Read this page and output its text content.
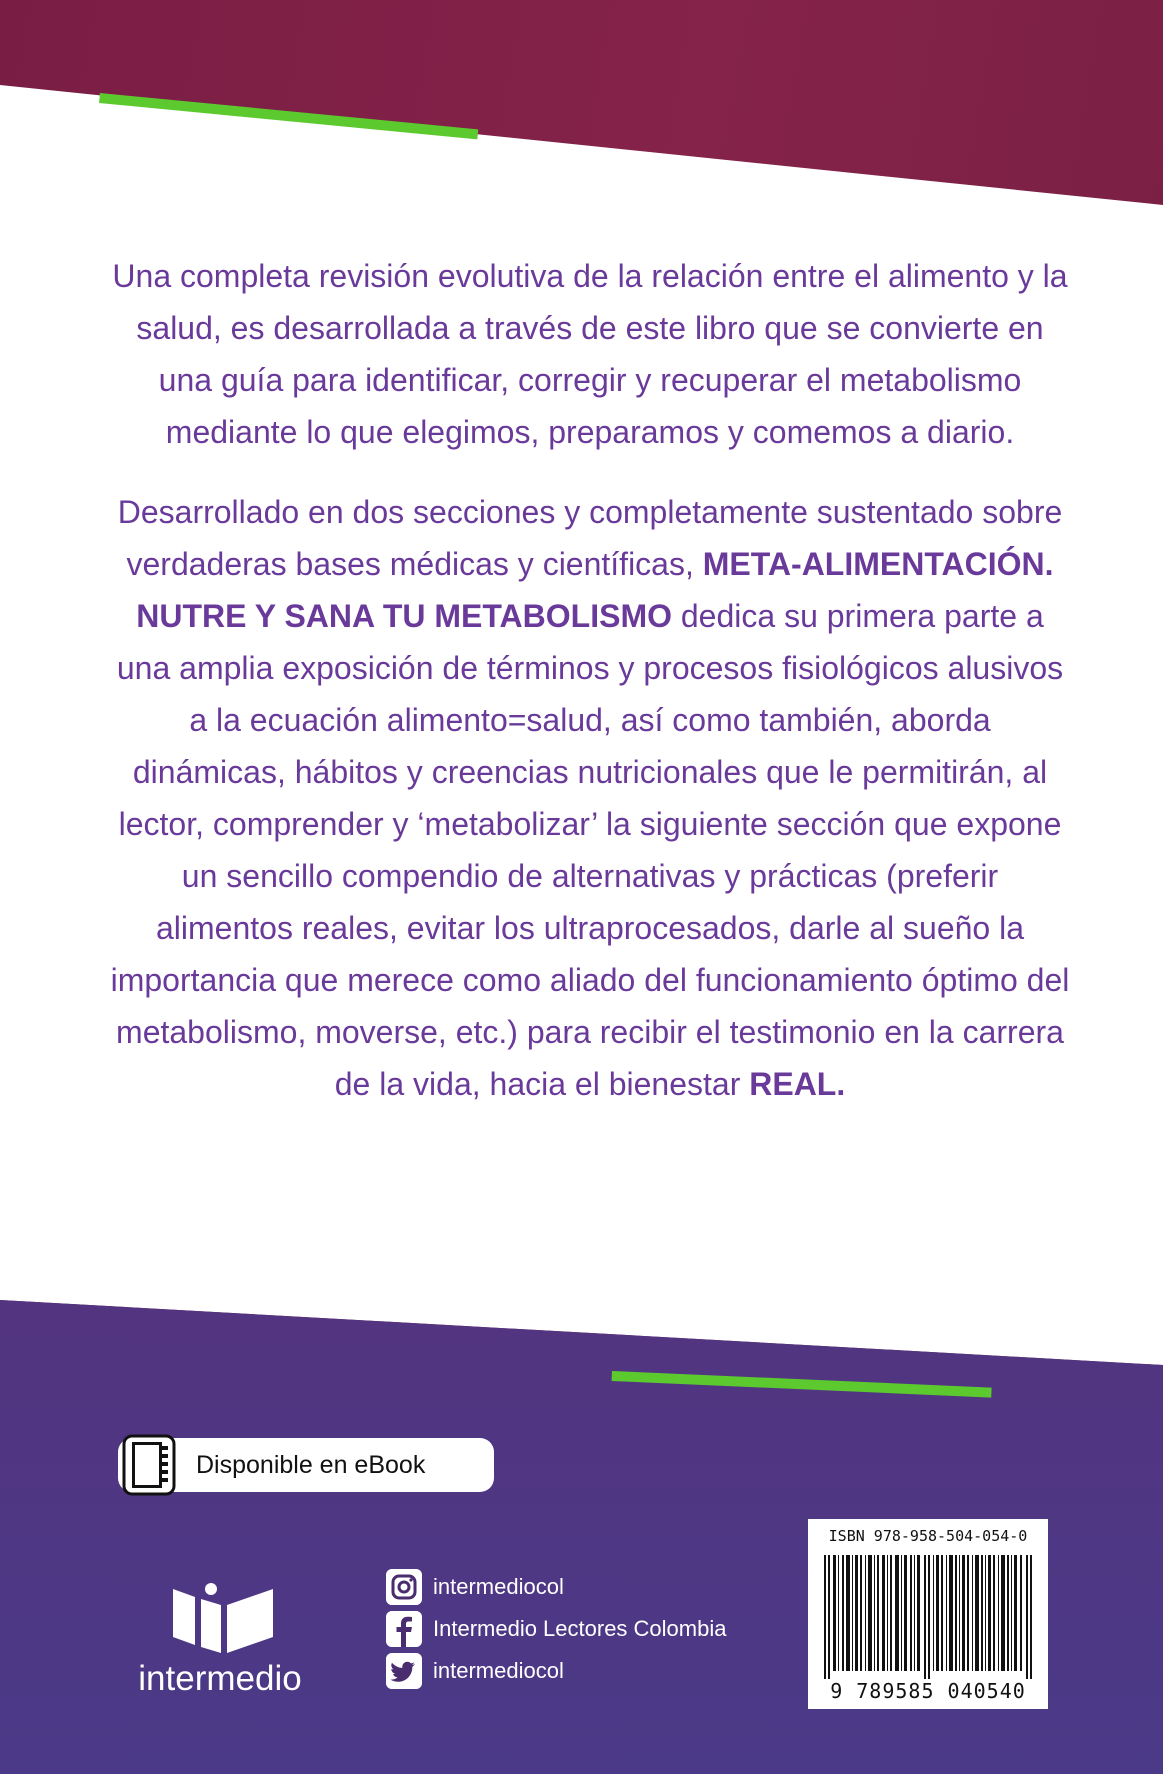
Una completa revisión evolutiva de la relación entre el alimento y la salud, es desarrollada a través de este libro que se convierte en una guía para identificar, corregir y recuperar el metabolismo mediante lo que elegimos, preparamos y comemos a diario.

Desarrollado en dos secciones y completamente sustentado sobre verdaderas bases médicas y científicas, META-ALIMENTACIÓN. NUTRE Y SANA TU METABOLISMO dedica su primera parte a una amplia exposición de términos y procesos fisiológicos alusivos a la ecuación alimento=salud, así como también, aborda dinámicas, hábitos y creencias nutricionales que le permitirán, al lector, comprender y ‘metabolizar’ la siguiente sección que expone un sencillo compendio de alternativas y prácticas (preferir alimentos reales, evitar los ultraprocesados, darle al sueño la importancia que merece como aliado del funcionamiento óptimo del metabolismo, moverse, etc.) para recibir el testimonio en la carrera de la vida, hacia el bienestar REAL.

Disponible en eBook
intermedio
intermediocol
Intermedio Lectores Colombia
intermediocol
ISBN 978-958-504-054-0
9 789585 040540
